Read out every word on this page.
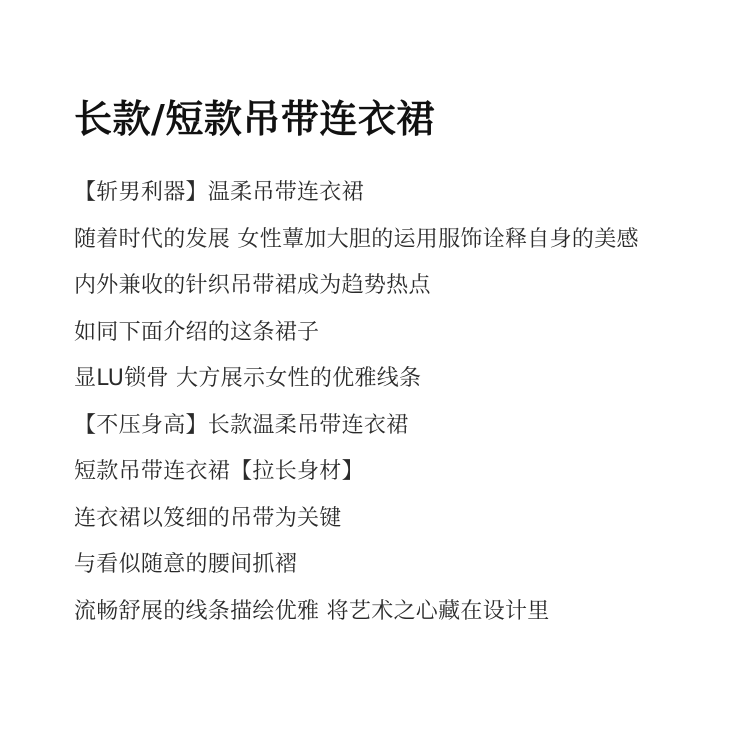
长款/短款吊带连衣裙
【斩男利器】温柔吊带连衣裙
随着时代的发展 女性蕈加大胆的运用服饰诠释自身的美感
内外兼收的针织吊带裙成为趋势热点
如同下面介绍的这条裙子
显LU锁骨 大方展示女性的优雅线条
【不压身高】长款温柔吊带连衣裙
短款吊带连衣裙【拉长身材】
连衣裙以笈细的吊带为关键
与看似随意的腰间抓褶
流畅舒展的线条描绘优雅 将艺术之心藏在设计里
